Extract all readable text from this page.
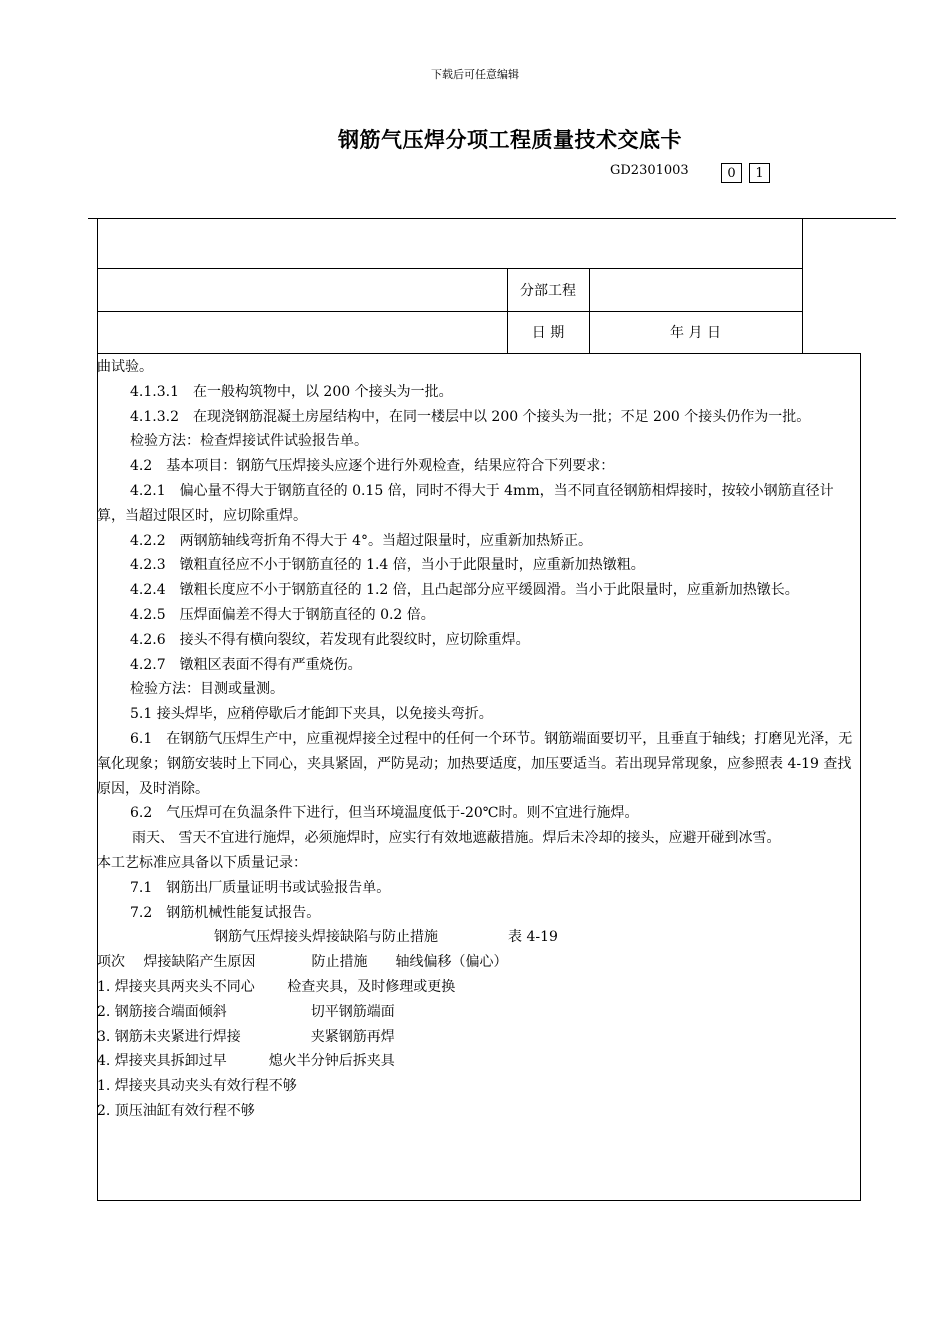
下载后可任意编辑
钢筋气压焊分项工程质量技术交底卡
GD2301003	0	1
分部工程
日 期	年 月 日

曲试验。

4.1.3.1　在一般构筑物中，以 200 个接头为一批。

4.1.3.2　在现浇钢筋混凝土房屋结构中，在同一楼层中以 200 个接头为一批；不足 200 个接头仍作为一批。

检验方法：检查焊接试件试验报告单。

4.2　基本项目：钢筋气压焊接头应逐个进行外观检查，结果应符合下列要求：

4.2.1　偏心量不得大于钢筋直径的 0.15 倍，同时不得大于 4mm，当不同直径钢筋相焊接时，按较小钢筋直径计算，当超过限区时，应切除重焊。

4.2.2　两钢筋轴线弯折角不得大于 4°。当超过限量时，应重新加热矫正。

4.2.3　镦粗直径应不小于钢筋直径的 1.4 倍，当小于此限量时，应重新加热镦粗。

4.2.4　镦粗长度应不小于钢筋直径的 1.2 倍，且凸起部分应平缓圆滑。当小于此限量时，应重新加热镦长。

4.2.5　压焊面偏差不得大于钢筋直径的 0.2 倍。

4.2.6　接头不得有横向裂纹，若发现有此裂纹时，应切除重焊。

4.2.7　镦粗区表面不得有严重烧伤。

检验方法：目测或量测。

5.1 接头焊毕，应稍停歇后才能卸下夹具，以免接头弯折。

6.1　在钢筋气压焊生产中，应重视焊接全过程中的任何一个环节。钢筋端面要切平，且垂直于轴线；打磨见光泽，无氧化现象；钢筋安装时上下同心，夹具紧固，严防晃动；加热要适度，加压要适当。若出现异常现象，应参照表 4-19 查找原因，及时消除。

6.2　气压焊可在负温条件下进行，但当环境温度低于-20℃时。则不宜进行施焊。

雨天、 雪天不宜进行施焊，必须施焊时，应实行有效地遮蔽措施。焊后未冷却的接头，应避开碰到冰雪。

本工艺标准应具备以下质量记录：

7.1　钢筋出厂质量证明书或试验报告单。

7.2　钢筋机械性能复试报告。

钢筋气压焊接头焊接缺陷与防止措施　　　　　表 4-19

项次　 焊接缺陷产生原因　　　　防止措施　　轴线偏移（偏心）

1. 焊接夹具两夹头不同心　　 检查夹具，及时修理或更换

2. 钢筋接合端面倾斜　　　　　　切平钢筋端面

3. 钢筋未夹紧进行焊接　　　　　夹紧钢筋再焊

4. 焊接夹具拆卸过早　　　熄火半分钟后拆夹具

1. 焊接夹具动夹头有效行程不够

2. 顶压油缸有效行程不够
